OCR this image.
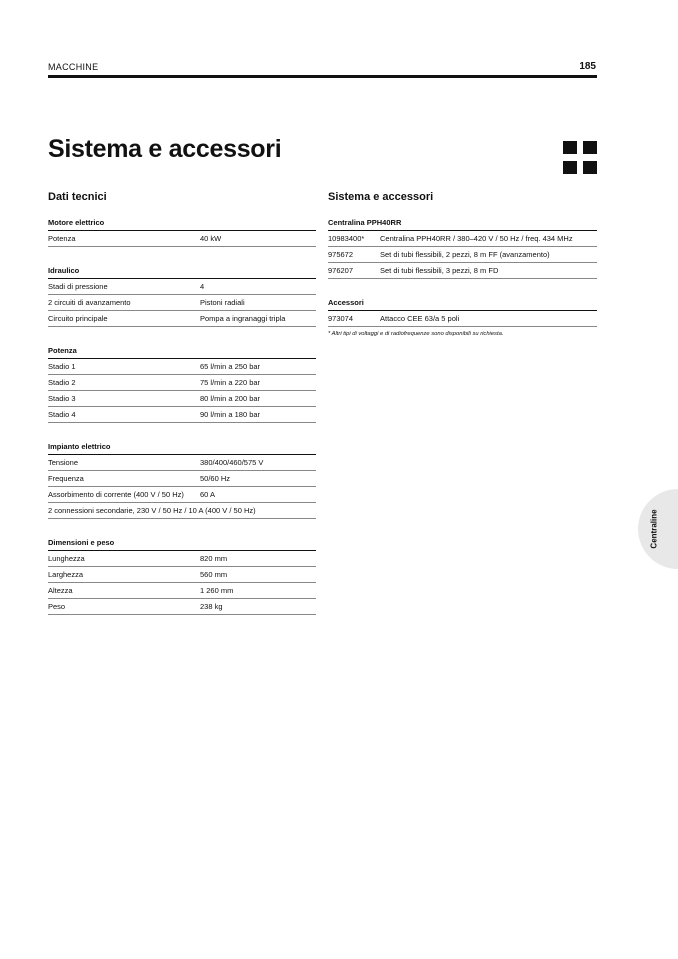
MACCHINE	185
Sistema e accessori
Dati tecnici
Motore elettrico
Potenza	40 kW
Idraulico
Stadi di pressione	4
2 circuiti di avanzamento	Pistoni radiali
Circuito principale	Pompa a ingranaggi tripla
Potenza
Stadio 1	65 l/min a 250 bar
Stadio 2	75 l/min a 220 bar
Stadio 3	80 l/min a 200 bar
Stadio 4	90 l/min a 180 bar
Impianto elettrico
Tensione	380/400/460/575 V
Frequenza	50/60 Hz
Assorbimento di corrente (400 V / 50 Hz)	60 A
2 connessioni secondarie, 230 V / 50 Hz / 10 A (400 V / 50 Hz)
Dimensioni e peso
Lunghezza	820 mm
Larghezza	560 mm
Altezza	1 260 mm
Peso	238 kg
Sistema e accessori
Centralina PPH40RR
10983400*	Centralina PPH40RR / 380–420 V / 50 Hz / freq. 434 MHz
975672	Set di tubi flessibili, 2 pezzi, 8 m FF (avanzamento)
976207	Set di tubi flessibili, 3 pezzi, 8 m FD
Accessori
973074	Attacco CEE 63/a 5 poli
* Altri tipi di voltaggi e di radiofrequenze sono disponibili su richiesta.
Centraline
